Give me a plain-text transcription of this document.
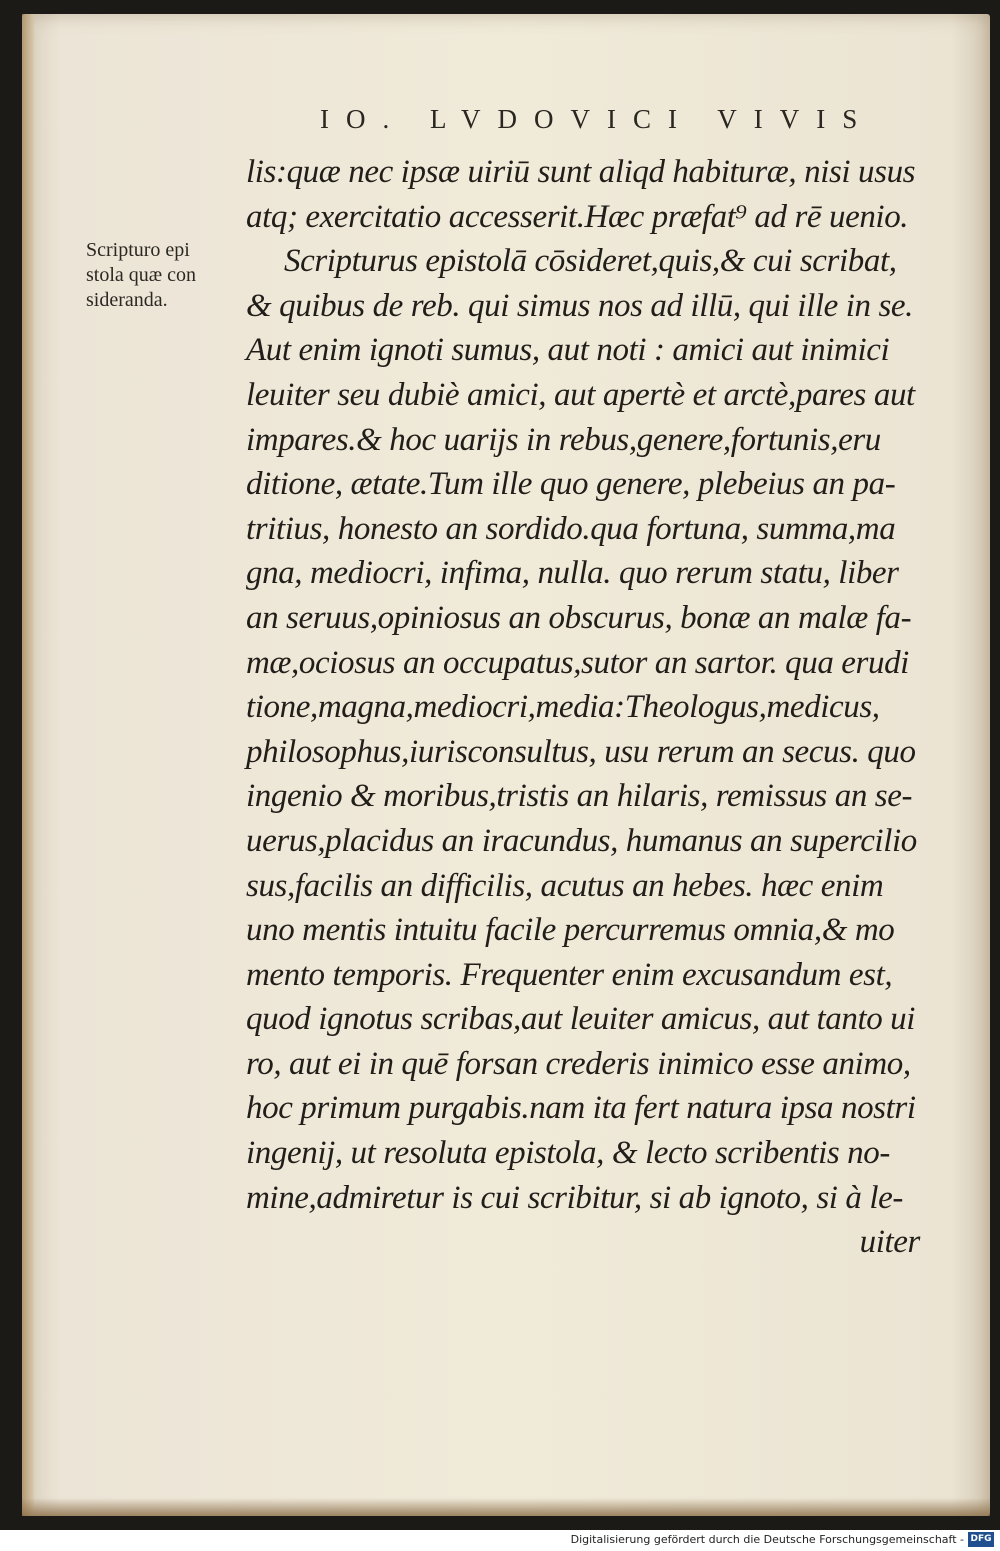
IO. LVDOVICI VIVIS
Scripturo epi
stola quæ con
sideranda.
lis:quæ nec ipsæ uiriū sunt aliqd habituræ, nisi usus
atq; exercitatio accesserit.Hæc præfat⁹ ad rē uenio.
Scripturus epistolā cōsideret,quis,& cui scribat,
& quibus de reb. qui simus nos ad illū, qui ille in se.
Aut enim ignoti sumus, aut noti : amici aut inimici
leuiter seu dubiè amici, aut apertè et arctè,pares aut
impares.& hoc uarijs in rebus,genere,fortunis,eru
ditione, ætate.Tum ille quo genere, plebeius an pa-
tritius, honesto an sordido.qua fortuna, summa,ma
gna, mediocri, infima, nulla. quo rerum statu, liber
an seruus,opiniosus an obscurus, bonæ an malæ fa-
mæ,ociosus an occupatus,sutor an sartor. qua erudi
tione,magna,mediocri,media:Theologus,medicus,
philosophus,iurisconsultus, usu rerum an secus. quo
ingenio & moribus,tristis an hilaris, remissus an se-
uerus,placidus an iracundus, humanus an supercilio
sus,facilis an difficilis, acutus an hebes. hæc enim
uno mentis intuitu facile percurremus omnia,& mo
mento temporis. Frequenter enim excusandum est,
quod ignotus scribas,aut leuiter amicus, aut tanto ui
ro, aut ei in quē forsan crederis inimico esse animo,
hoc primum purgabis.nam ita fert natura ipsa nostri
ingenij, ut resoluta epistola, & lecto scribentis no-
mine,admiretur is cui scribitur, si ab ignoto, si à le-
uiter
Digitalisierung gefördert durch die Deutsche Forschungsgemeinschaft - DFG
